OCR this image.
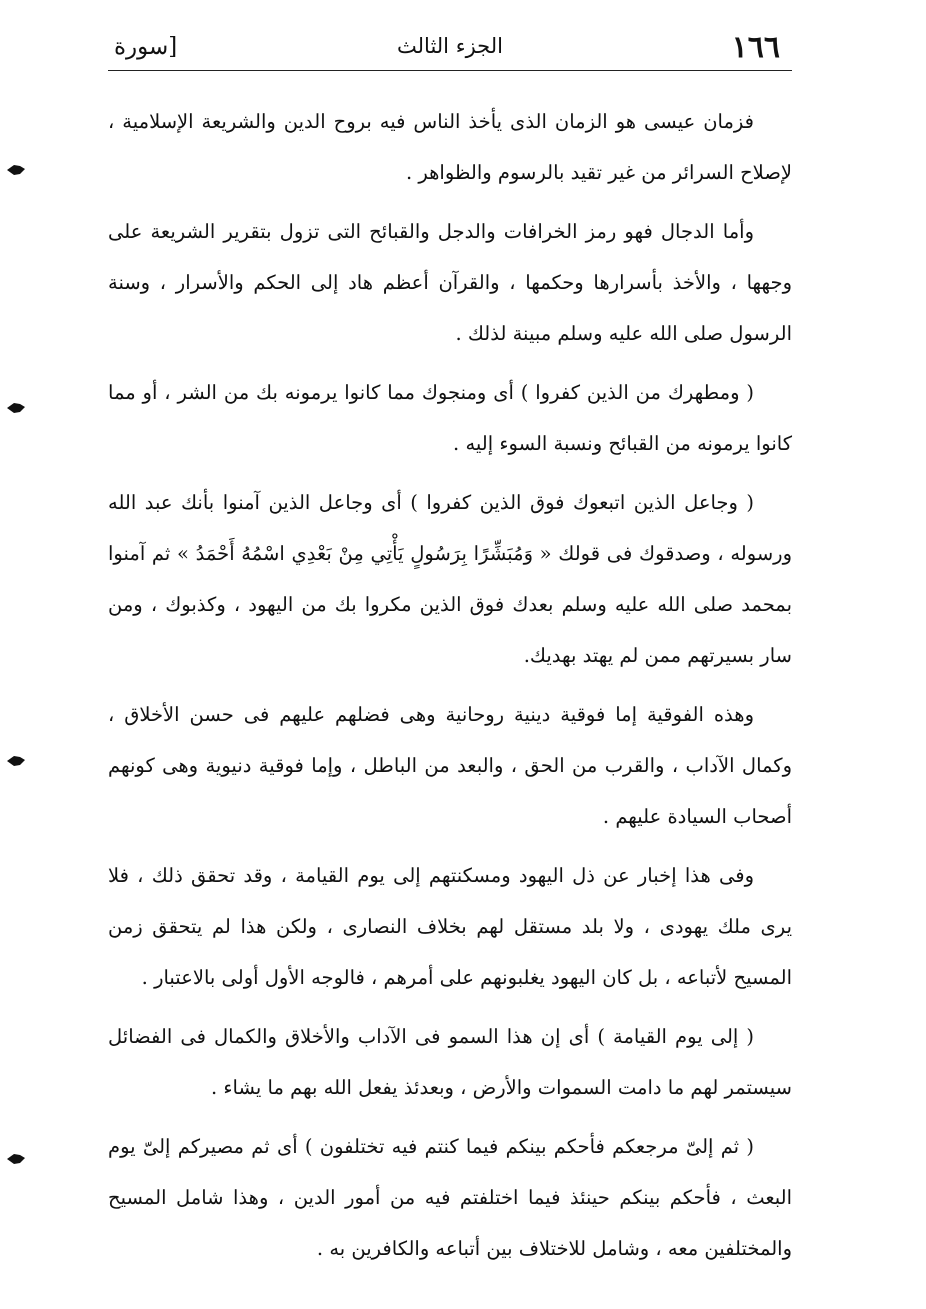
١٦٦
الجزء الثالث
[سورة

فزمان عيسى هو الزمان الذى يأخذ الناس فيه بروح الدين والشريعة الإسلامية ، لإصلاح السرائر من غير تقيد بالرسوم والظواهر .

وأما الدجال فهو رمز الخرافات والدجل والقبائح التى تزول بتقرير الشريعة على وجهها ، والأخذ بأسرارها وحكمها ، والقرآن أعظم هاد إلى الحكم والأسرار ، وسنة الرسول صلى الله عليه وسلم مبينة لذلك .

( ومطهرك من الذين كفروا ) أى ومنجوك مما كانوا يرمونه بك من الشر ، أو مما كانوا يرمونه من القبائح ونسبة السوء إليه .

( وجاعل الذين اتبعوك فوق الذين كفروا ) أى وجاعل الذين آمنوا بأنك عبد الله ورسوله ، وصدقوك فى قولك « وَمُبَشِّرًا بِرَسُولٍ يَأْتِي مِنْ بَعْدِي اسْمُهُ أَحْمَدُ » ثم آمنوا بمحمد صلى الله عليه وسلم بعدك فوق الذين مكروا بك من اليهود ، وكذبوك ، ومن سار بسيرتهم ممن لم يهتد بهديك.

وهذه الفوقية إما فوقية دينية روحانية وهى فضلهم عليهم فى حسن الأخلاق ، وكمال الآداب ، والقرب من الحق ، والبعد من الباطل ، وإما فوقية دنيوية وهى كونهم أصحاب السيادة عليهم .

وفى هذا إخبار عن ذل اليهود ومسكنتهم إلى يوم القيامة ، وقد تحقق ذلك ، فلا يرى ملك يهودى ، ولا بلد مستقل لهم بخلاف النصارى ، ولكن هذا لم يتحقق زمن المسيح لأتباعه ، بل كان اليهود يغلبونهم على أمرهم ، فالوجه الأول أولى بالاعتبار .

( إلى يوم القيامة ) أى إن هذا السمو فى الآداب والأخلاق والكمال فى الفضائل سيستمر لهم ما دامت السموات والأرض ، وبعدئذ يفعل الله بهم ما يشاء .

( ثم إلىّ مرجعكم فأحكم بينكم فيما كنتم فيه تختلفون ) أى ثم مصيركم إلىّ يوم البعث ، فأحكم بينكم حينئذ فيما اختلفتم فيه من أمور الدين ، وهذا شامل المسيح والمختلفين معه ، وشامل للاختلاف بين أتباعه والكافرين به .
